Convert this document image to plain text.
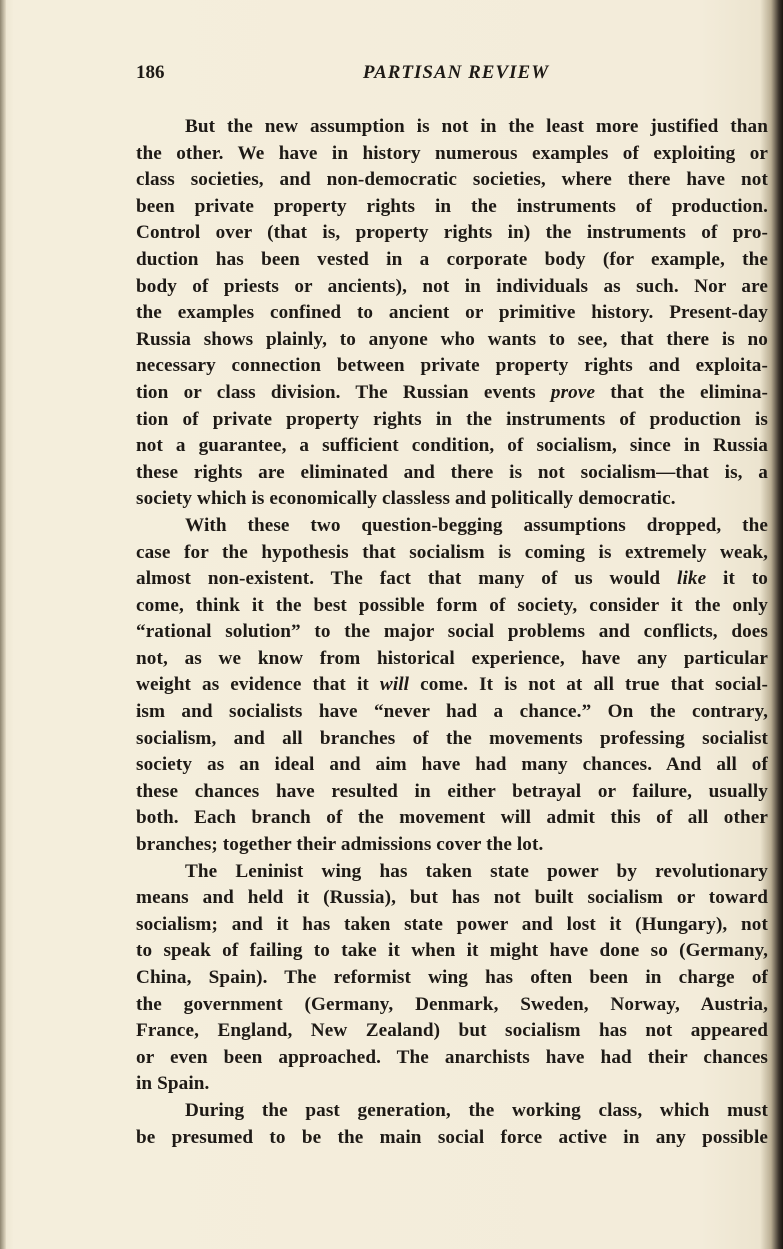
186	PARTISAN REVIEW
But the new assumption is not in the least more justified than
the other. We have in history numerous examples of exploiting or
class societies, and non-democratic societies, where there have not
been private property rights in the instruments of production.
Control over (that is, property rights in) the instruments of pro-
duction has been vested in a corporate body (for example, the
body of priests or ancients), not in individuals as such. Nor are
the examples confined to ancient or primitive history. Present-day
Russia shows plainly, to anyone who wants to see, that there is no
necessary connection between private property rights and exploita-
tion or class division. The Russian events prove that the elimina-
tion of private property rights in the instruments of production is
not a guarantee, a sufficient condition, of socialism, since in Russia
these rights are eliminated and there is not socialism—that is, a
society which is economically classless and politically democratic.
With these two question-begging assumptions dropped, the
case for the hypothesis that socialism is coming is extremely weak,
almost non-existent. The fact that many of us would like it to
come, think it the best possible form of society, consider it the only
“rational solution” to the major social problems and conflicts, does
not, as we know from historical experience, have any particular
weight as evidence that it will come. It is not at all true that social-
ism and socialists have “never had a chance.” On the contrary,
socialism, and all branches of the movements professing socialist
society as an ideal and aim have had many chances. And all of
these chances have resulted in either betrayal or failure, usually
both. Each branch of the movement will admit this of all other
branches; together their admissions cover the lot.
The Leninist wing has taken state power by revolutionary
means and held it (Russia), but has not built socialism or toward
socialism; and it has taken state power and lost it (Hungary), not
to speak of failing to take it when it might have done so (Germany,
China, Spain). The reformist wing has often been in charge of
the government (Germany, Denmark, Sweden, Norway, Austria,
France, England, New Zealand) but socialism has not appeared
or even been approached. The anarchists have had their chances
in Spain.
During the past generation, the working class, which must
be presumed to be the main social force active in any possible
